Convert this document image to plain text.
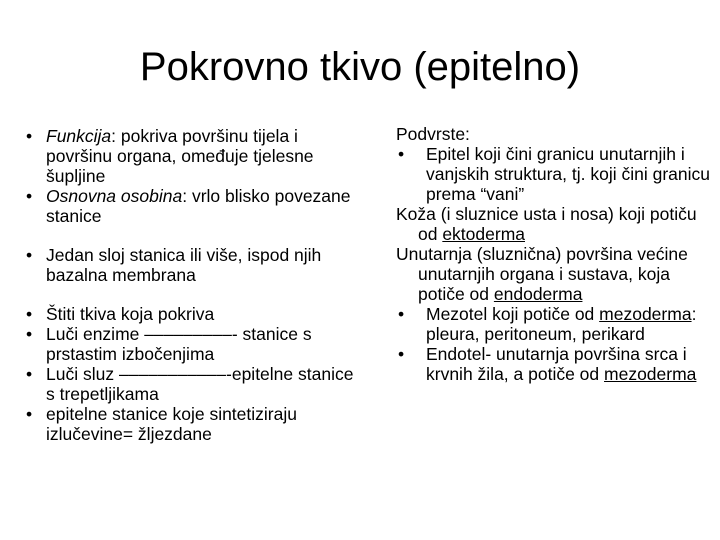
Pokrovno tkivo (epitelno)
• Funkcija: pokriva površinu tijela i površinu organa, omeđuje tjelesne šupljine
• Osnovna osobina: vrlo blisko povezane stanice
• Jedan sloj stanica ili više, ispod njih bazalna membrana
• Štiti tkiva koja pokriva
• Luči enzime –––––––––- stanice s prstastim izbočenjima
• Luči sluz –––––––––––-epitelne stanice s trepetljikama
• epitelne stanice koje sintetiziraju izlučevine= žljezdane
Podvrste:
• Epitel koji čini granicu unutarnjih i vanjskih struktura, tj. koji čini granicu prema “vani”
Koža (i sluznice usta i nosa) koji potiču od ektoderma
Unutarnja (sluznična) površina većine unutarnjih organa i sustava, koja potiče od endoderma
• Mezotel koji potiče od mezoderma: pleura, peritoneum, perikard
• Endotel- unutarnja površina srca i krvnih žila, a potiče od mezoderma
